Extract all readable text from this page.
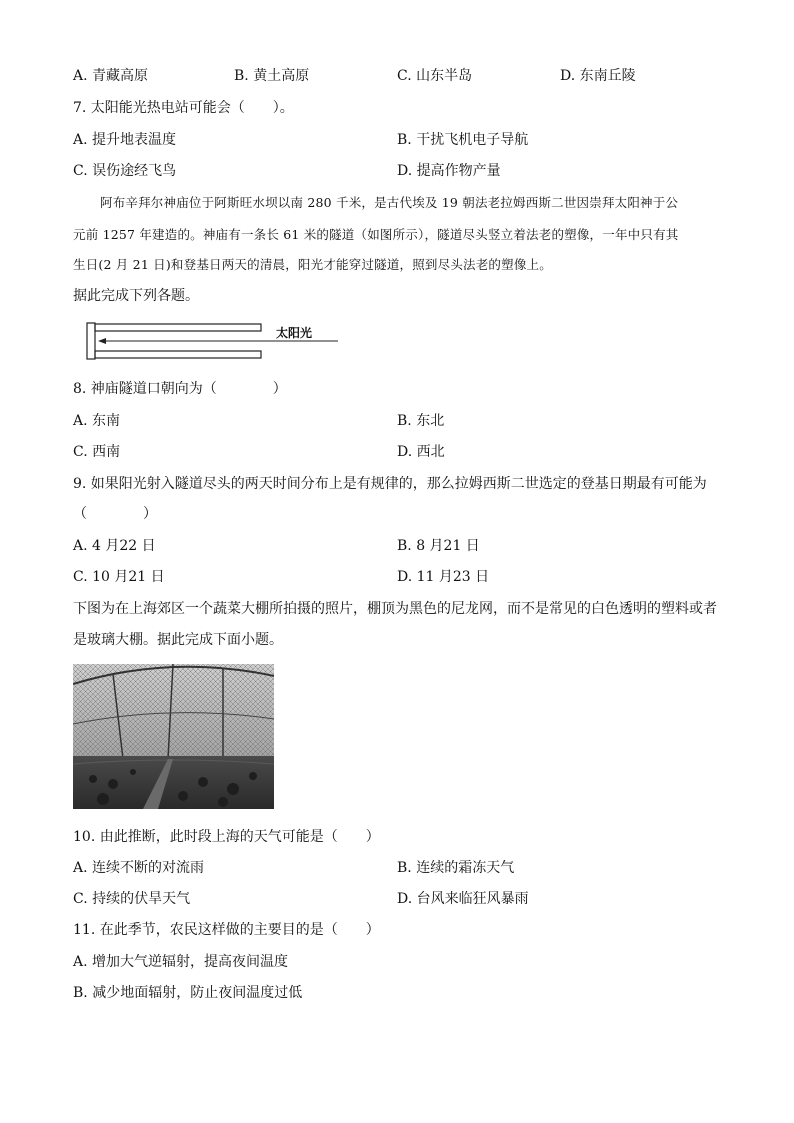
A. 青藏高原	B. 黄土高原	C. 山东半岛	D. 东南丘陵
7. 太阳能光热电站可能会（　　）。
A. 提升地表温度	B. 干扰飞机电子导航
C. 误伤途经飞鸟	D. 提高作物产量
阿布辛拜尔神庙位于阿斯旺水坝以南 280 千米，是古代埃及 19 朝法老拉姆西斯二世因崇拜太阳神于公
元前 1257 年建造的。神庙有一条长 61 米的隧道（如图所示），隧道尽头竖立着法老的塑像，一年中只有其
生日(2 月 21 日)和登基日两天的清晨，阳光才能穿过隧道，照到尽头法老的塑像上。
据此完成下列各题。
太阳光
8. 神庙隧道口朝向为（　　　　）
A. 东南	B. 东北
C. 西南	D. 西北
9. 如果阳光射入隧道尽头的两天时间分布上是有规律的，那么拉姆西斯二世选定的登基日期最有可能为
（　　　　）
A. 4 月22 日	B. 8 月21 日
C. 10 月21 日	D. 11 月23 日
下图为在上海郊区一个蔬菜大棚所拍摄的照片，棚顶为黑色的尼龙网，而不是常见的白色透明的塑料或者
是玻璃大棚。据此完成下面小题。
10. 由此推断，此时段上海的天气可能是（　　）
A. 连续不断的对流雨	B. 连续的霜冻天气
C. 持续的伏旱天气	D. 台风来临狂风暴雨
11. 在此季节，农民这样做的主要目的是（　　）
A. 增加大气逆辐射，提高夜间温度
B. 减少地面辐射，防止夜间温度过低
